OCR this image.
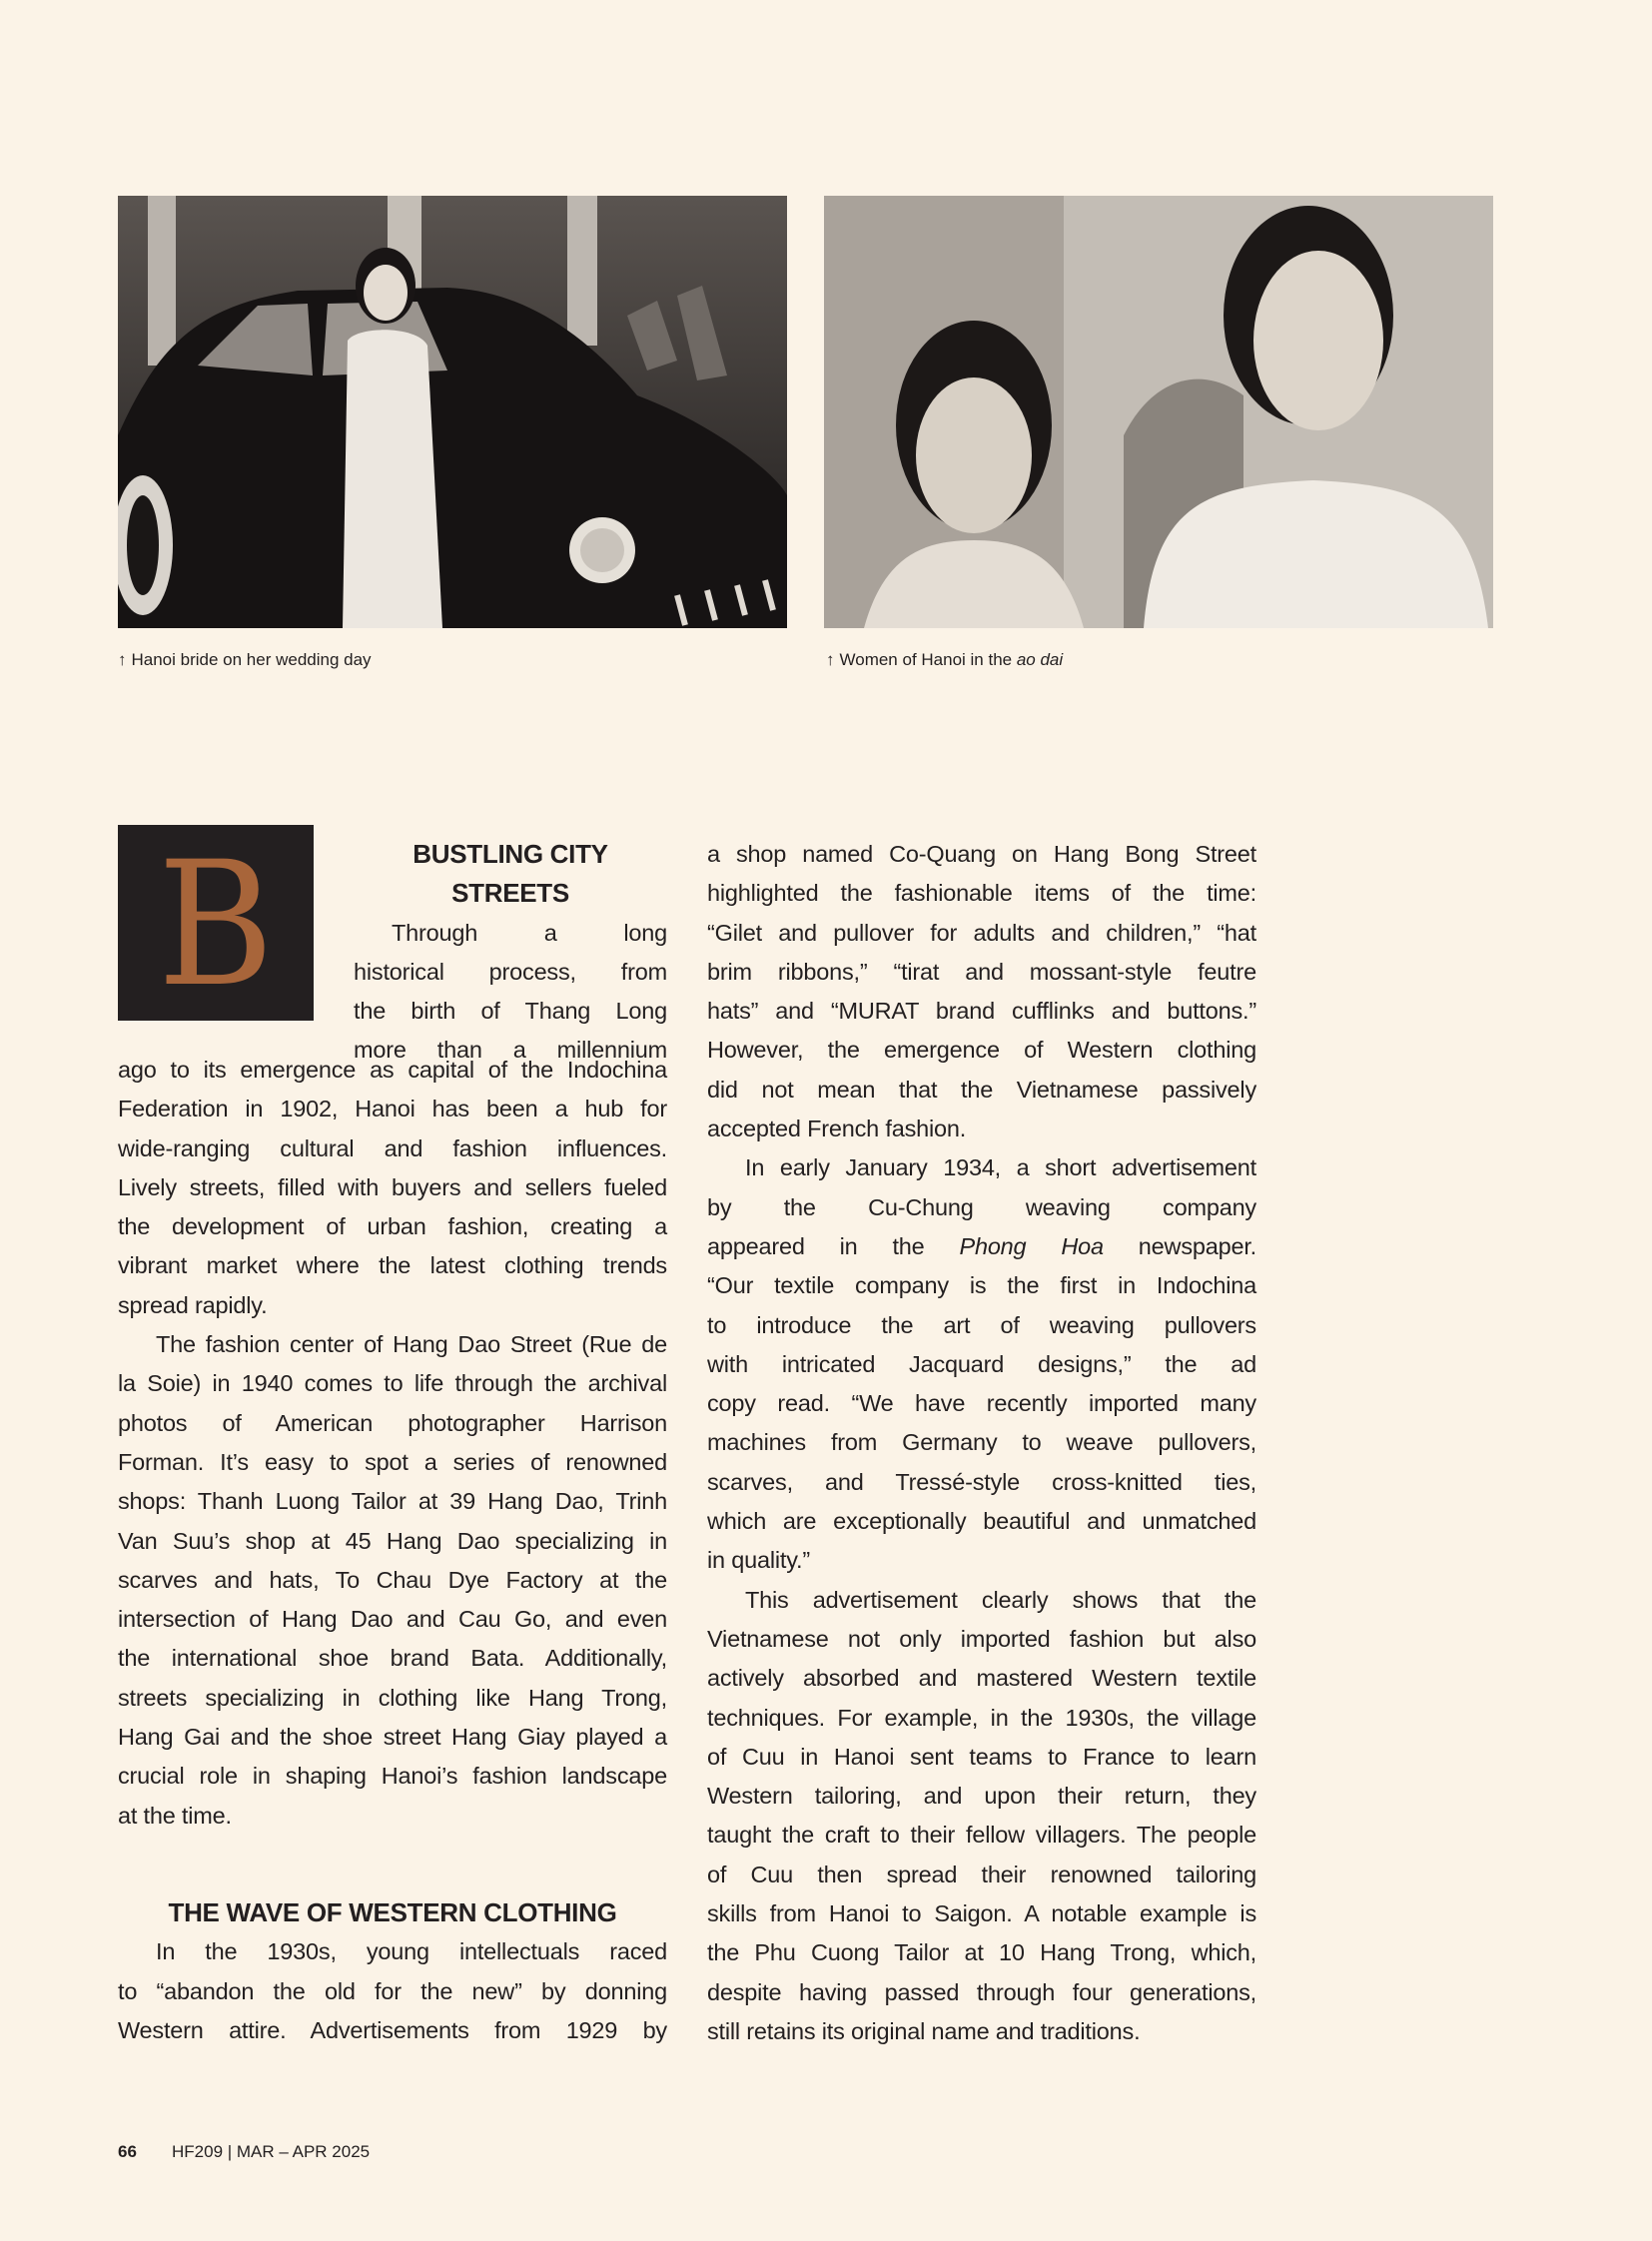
↑ Hanoi bride on her wedding day	↑ Women of Hanoi in the ao dai
B	BUSTLING CITY
STREETS
Through a long
historical process, from
the birth of Thang Long
more than a millennium
ago to its emergence as capital of the Indochina
Federation in 1902, Hanoi has been a hub for
wide-ranging cultural and fashion influences.
Lively streets, filled with buyers and sellers fueled
the development of urban fashion, creating a
vibrant market where the latest clothing trends
spread rapidly.
The fashion center of Hang Dao Street (Rue de
la Soie) in 1940 comes to life through the archival
photos of American photographer Harrison
Forman. It’s easy to spot a series of renowned
shops: Thanh Luong Tailor at 39 Hang Dao, Trinh
Van Suu’s shop at 45 Hang Dao specializing in
scarves and hats, To Chau Dye Factory at the
intersection of Hang Dao and Cau Go, and even
the international shoe brand Bata. Additionally,
streets specializing in clothing like Hang Trong,
Hang Gai and the shoe street Hang Giay played a
crucial role in shaping Hanoi’s fashion landscape
at the time.
THE WAVE OF WESTERN CLOTHING
In the 1930s, young intellectuals raced
to “abandon the old for the new” by donning
Western attire. Advertisements from 1929 by
a shop named Co-Quang on Hang Bong Street
highlighted the fashionable items of the time:
“Gilet and pullover for adults and children,” “hat
brim ribbons,” “tirat and mossant-style feutre
hats” and “MURAT brand cufflinks and buttons.”
However, the emergence of Western clothing
did not mean that the Vietnamese passively
accepted French fashion.
In early January 1934, a short advertisement
by the Cu-Chung weaving company
appeared in the Phong Hoa newspaper.
“Our textile company is the first in Indochina
to introduce the art of weaving pullovers
with intricated Jacquard designs,” the ad
copy read. “We have recently imported many
machines from Germany to weave pullovers,
scarves, and Tressé-style cross-knitted ties,
which are exceptionally beautiful and unmatched
in quality.”
This advertisement clearly shows that the
Vietnamese not only imported fashion but also
actively absorbed and mastered Western textile
techniques. For example, in the 1930s, the village
of Cuu in Hanoi sent teams to France to learn
Western tailoring, and upon their return, they
taught the craft to their fellow villagers. The people
of Cuu then spread their renowned tailoring
skills from Hanoi to Saigon. A notable example is
the Phu Cuong Tailor at 10 Hang Trong, which,
despite having passed through four generations,
still retains its original name and traditions.
66 HF209 | MAR – APR 2025
